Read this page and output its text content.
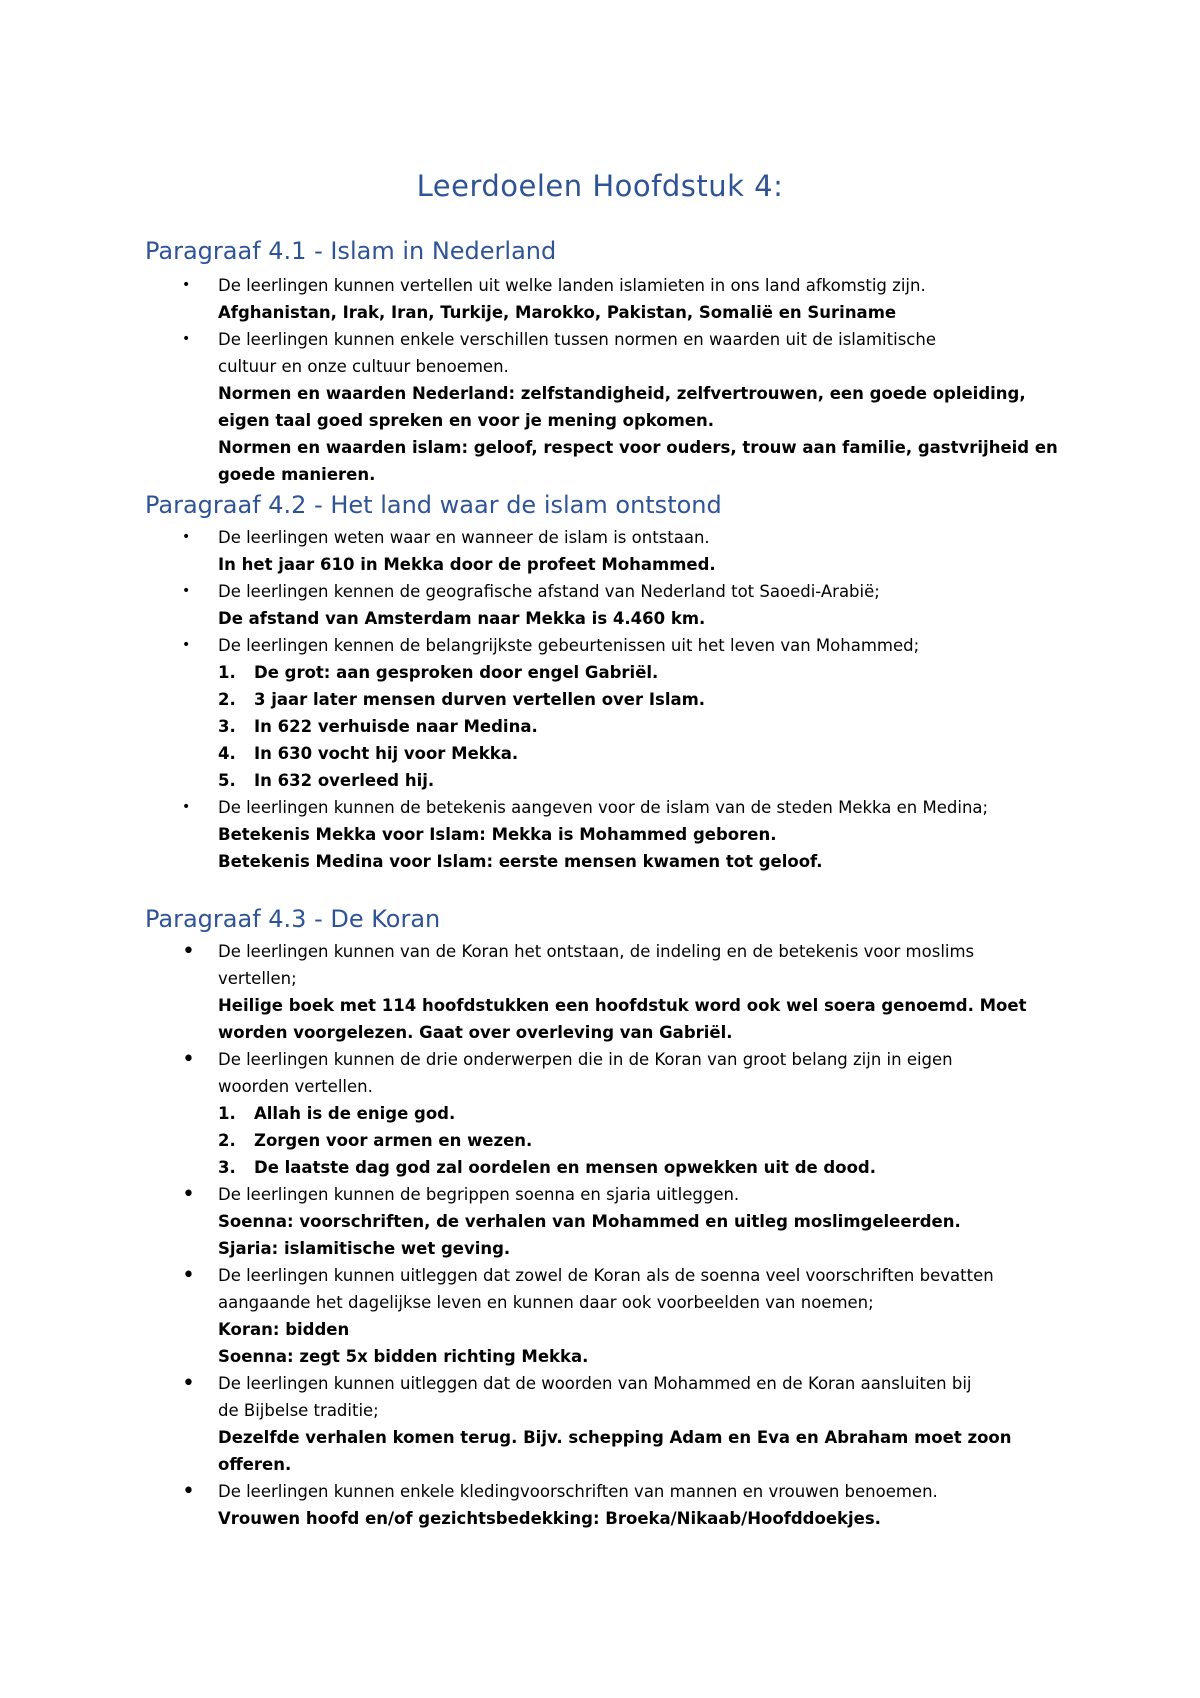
Leerdoelen Hoofdstuk 4:
Paragraaf 4.1 - Islam in Nederland
• De leerlingen kunnen vertellen uit welke landen islamieten in ons land afkomstig zijn.
Afghanistan, Irak, Iran, Turkije, Marokko, Pakistan, Somalië en Suriname
• De leerlingen kunnen enkele verschillen tussen normen en waarden uit de islamitische
cultuur en onze cultuur benoemen.
Normen en waarden Nederland: zelfstandigheid, zelfvertrouwen, een goede opleiding,
eigen taal goed spreken en voor je mening opkomen.
Normen en waarden islam: geloof, respect voor ouders, trouw aan familie, gastvrijheid en
goede manieren.
Paragraaf 4.2 - Het land waar de islam ontstond
• De leerlingen weten waar en wanneer de islam is ontstaan.
In het jaar 610 in Mekka door de profeet Mohammed.
• De leerlingen kennen de geografische afstand van Nederland tot Saoedi-Arabië;
De afstand van Amsterdam naar Mekka is 4.460 km.
• De leerlingen kennen de belangrijkste gebeurtenissen uit het leven van Mohammed;
1. De grot: aan gesproken door engel Gabriël.
2. 3 jaar later mensen durven vertellen over Islam.
3. In 622 verhuisde naar Medina.
4. In 630 vocht hij voor Mekka.
5. In 632 overleed hij.
• De leerlingen kunnen de betekenis aangeven voor de islam van de steden Mekka en Medina;
Betekenis Mekka voor Islam: Mekka is Mohammed geboren.
Betekenis Medina voor Islam: eerste mensen kwamen tot geloof.
Paragraaf 4.3 - De Koran
• De leerlingen kunnen van de Koran het ontstaan, de indeling en de betekenis voor moslims
vertellen;
Heilige boek met 114 hoofdstukken een hoofdstuk word ook wel soera genoemd. Moet
worden voorgelezen. Gaat over overleving van Gabriël.
• De leerlingen kunnen de drie onderwerpen die in de Koran van groot belang zijn in eigen
woorden vertellen.
1. Allah is de enige god.
2. Zorgen voor armen en wezen.
3. De laatste dag god zal oordelen en mensen opwekken uit de dood.
• De leerlingen kunnen de begrippen soenna en sjaria uitleggen.
Soenna: voorschriften, de verhalen van Mohammed en uitleg moslimgeleerden.
Sjaria: islamitische wet geving.
• De leerlingen kunnen uitleggen dat zowel de Koran als de soenna veel voorschriften bevatten
aangaande het dagelijkse leven en kunnen daar ook voorbeelden van noemen;
Koran: bidden
Soenna: zegt 5x bidden richting Mekka.
• De leerlingen kunnen uitleggen dat de woorden van Mohammed en de Koran aansluiten bij
de Bijbelse traditie;
Dezelfde verhalen komen terug. Bijv. schepping Adam en Eva en Abraham moet zoon
offeren.
• De leerlingen kunnen enkele kledingvoorschriften van mannen en vrouwen benoemen.
Vrouwen hoofd en/of gezichtsbedekking: Broeka/Nikaab/Hoofddoekjes.
